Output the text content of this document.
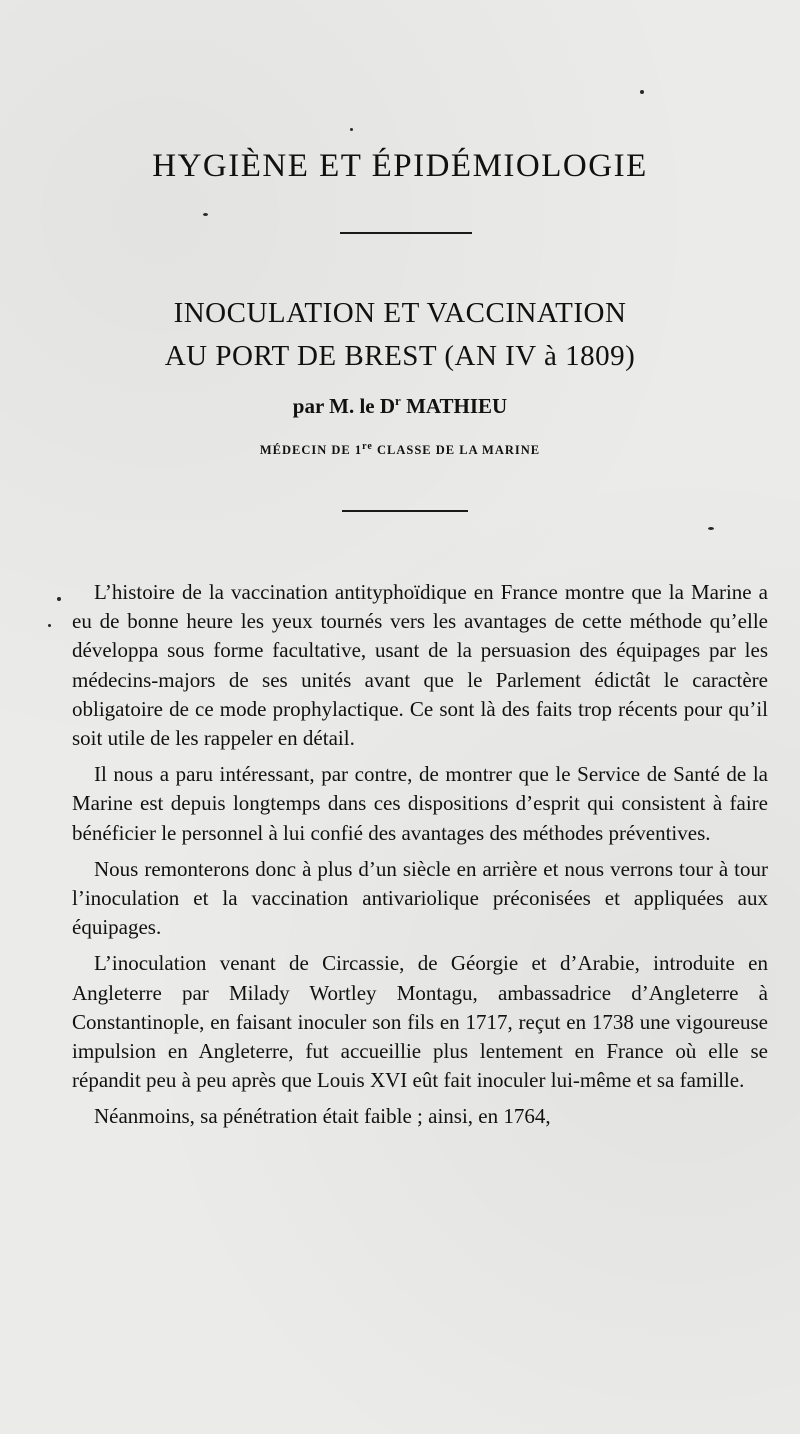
HYGIÈNE ET ÉPIDÉMIOLOGIE
INOCULATION ET VACCINATION
AU PORT DE BREST (AN IV à 1809)
par M. le $D^r$ MATHIEU
MÉDECIN DE 1re CLASSE DE LA MARINE

L’histoire de la vaccination antityphoïdique en France montre que la Marine a eu de bonne heure les yeux tournés vers les avantages de cette méthode qu’elle développa sous forme facultative, usant de la persuasion des équipages par les médecins-majors de ses unités avant que le Parlement édictât le caractère obligatoire de ce mode prophylactique. Ce sont là des faits trop récents pour qu’il soit utile de les rappeler en détail.

Il nous a paru intéressant, par contre, de montrer que le Service de Santé de la Marine est depuis longtemps dans ces dispositions d’esprit qui consistent à faire bénéficier le personnel à lui confié des avantages des méthodes préventives.

Nous remonterons donc à plus d’un siècle en arrière et nous verrons tour à tour l’inoculation et la vaccination antivariolique préconisées et appliquées aux équipages.

L’inoculation venant de Circassie, de Géorgie et d’Arabie, introduite en Angleterre par Milady Wortley Montagu, ambassadrice d’Angleterre à Constantinople, en faisant inoculer son fils en 1717, reçut en 1738 une vigoureuse impulsion en Angleterre, fut accueillie plus lentement en France où elle se répandit peu à peu après que Louis XVI eût fait inoculer lui-même et sa famille.

Néanmoins, sa pénétration était faible ; ainsi, en 1764,
